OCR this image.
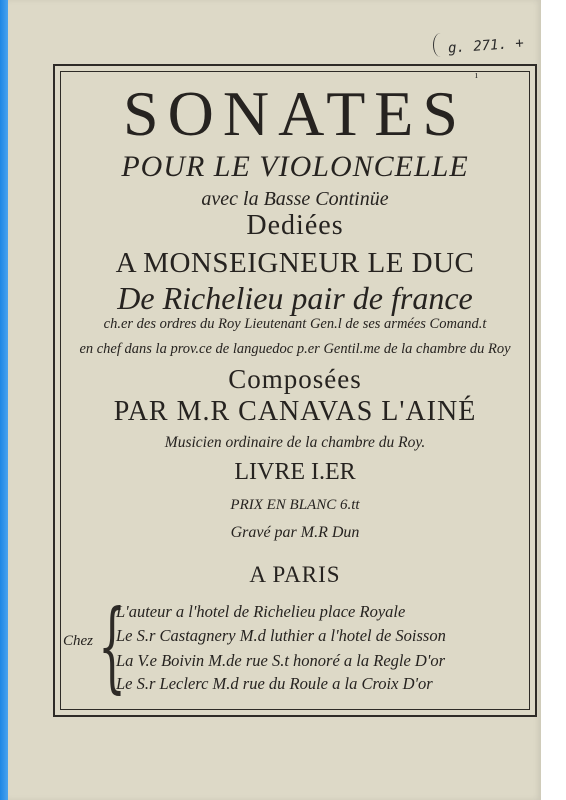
g. 271. +
ı
SONATES
POUR LE VIOLONCELLE
avec la Basse Continüe
Dediées
A MONSEIGNEUR LE DUC
De Richelieu pair de france
ch.er des ordres du Roy Lieutenant Gen.l de ses armées Comand.t
en chef dans la prov.ce de languedoc p.er Gentil.me de la chambre du Roy
Composées
PAR M.R CANAVAS L'AINÉ
Musicien ordinaire de la chambre du Roy.
LIVRE I.ER
PRIX EN BLANC 6.tt
Gravé par M.R Dun
A PARIS
Chez {
L'auteur a l'hotel de Richelieu place Royale
Le S.r Castagnery M.d luthier a l'hotel de Soisson
La V.e Boivin M.de rue S.t honoré a la Regle D'or
Le S.r Leclerc M.d rue du Roule a la Croix D'or
